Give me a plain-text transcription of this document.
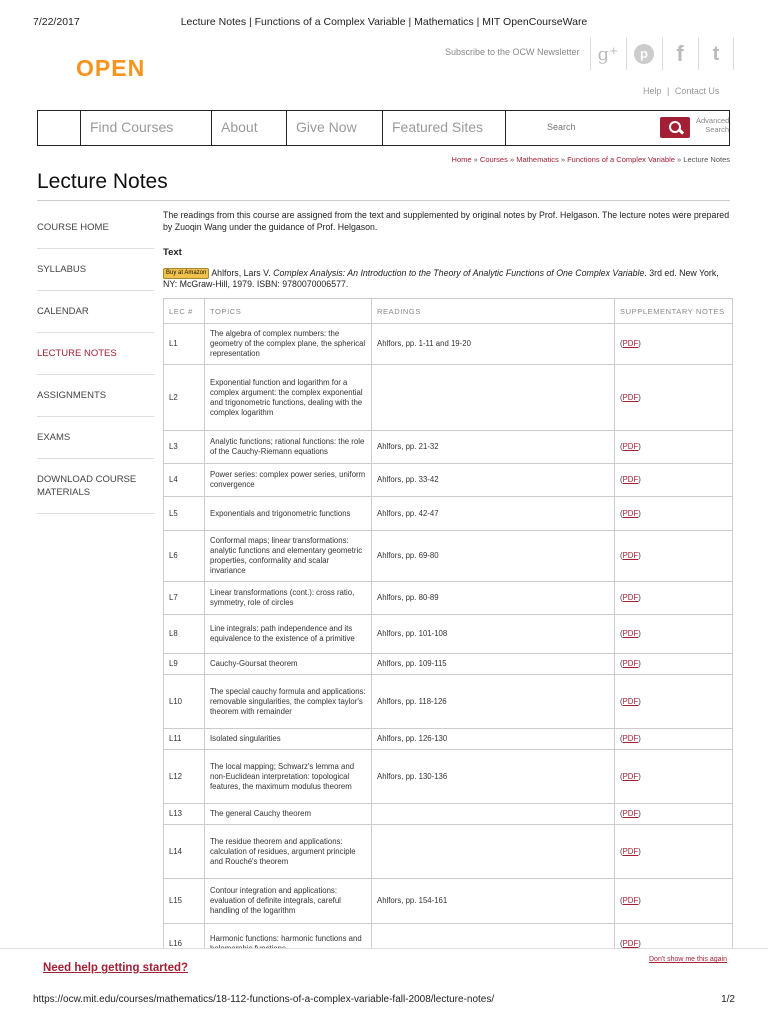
7/22/2017	Lecture Notes | Functions of a Complex Variable | Mathematics | MIT OpenCourseWare
OPEN
Subscribe to the OCW Newsletter g⁺	p f t
Help | Contact Us
Find Courses	About	Give Now	Featured Sites	Search
Advanced Search
Home » Courses » Mathematics » Functions of a Complex Variable » Lecture Notes
Lecture Notes
COURSE HOME
SYLLABUS
CALENDAR
LECTURE NOTES
ASSIGNMENTS
EXAMS
DOWNLOAD COURSE MATERIALS
The readings from this course are assigned from the text and supplemented by original notes by Prof. Helgason. The lecture notes were prepared by Zuoqin Wang under the guidance of Prof. Helgason.
Text
Buy at Amazon Ahlfors, Lars V. Complex Analysis: An Introduction to the Theory of Analytic Functions of One Complex Variable. 3rd ed. New York, NY: McGraw-Hill, 1979. ISBN: 9780070006577.
LEC #	TOPICS	READINGS	SUPPLEMENTARY NOTES
L1	The algebra of complex numbers: the geometry of the complex plane, the spherical representation	Ahlfors, pp. 1-11 and 19-20	(PDF)
L2	Exponential function and logarithm for a complex argument: the complex exponential and trigonometric functions, dealing with the complex logarithm		(PDF)
L3	Analytic functions; rational functions: the role of the Cauchy-Riemann equations	Ahlfors, pp. 21-32	(PDF)
L4	Power series: complex power series, uniform convergence	Ahlfors, pp. 33-42	(PDF)
L5	Exponentials and trigonometric functions	Ahlfors, pp. 42-47	(PDF)
L6	Conformal maps; linear transformations: analytic functions and elementary geometric properties, conformality and scalar invariance	Ahlfors, pp. 69-80	(PDF)
L7	Linear transformations (cont.): cross ratio, symmetry, role of circles	Ahlfors, pp. 80-89	(PDF)
L8	Line integrals: path independence and its equivalence to the existence of a primitive	Ahlfors, pp. 101-108	(PDF)
L9	Cauchy-Goursat theorem	Ahlfors, pp. 109-115	(PDF)
L10	The special cauchy formula and applications: removable singularities, the complex taylor's theorem with remainder	Ahlfors, pp. 118-126	(PDF)
L11	Isolated singularities	Ahlfors, pp. 126-130	(PDF)
L12	The local mapping; Schwarz's lemma and non-Euclidean interpretation: topological features, the maximum modulus theorem	Ahlfors, pp. 130-136	(PDF)
L13	The general Cauchy theorem		(PDF)
L14	The residue theorem and applications: calculation of residues, argument principle and Rouché's theorem		(PDF)
L15	Contour integration and applications: evaluation of definite integrals, careful handling of the logarithm	Ahlfors, pp. 154-161	(PDF)
L16	Harmonic functions: harmonic functions and		(PDF)
Need help getting started?
Don't show me this again
https://ocw.mit.edu/courses/mathematics/18-112-functions-of-a-complex-variable-fall-2008/lecture-notes/	1/2
